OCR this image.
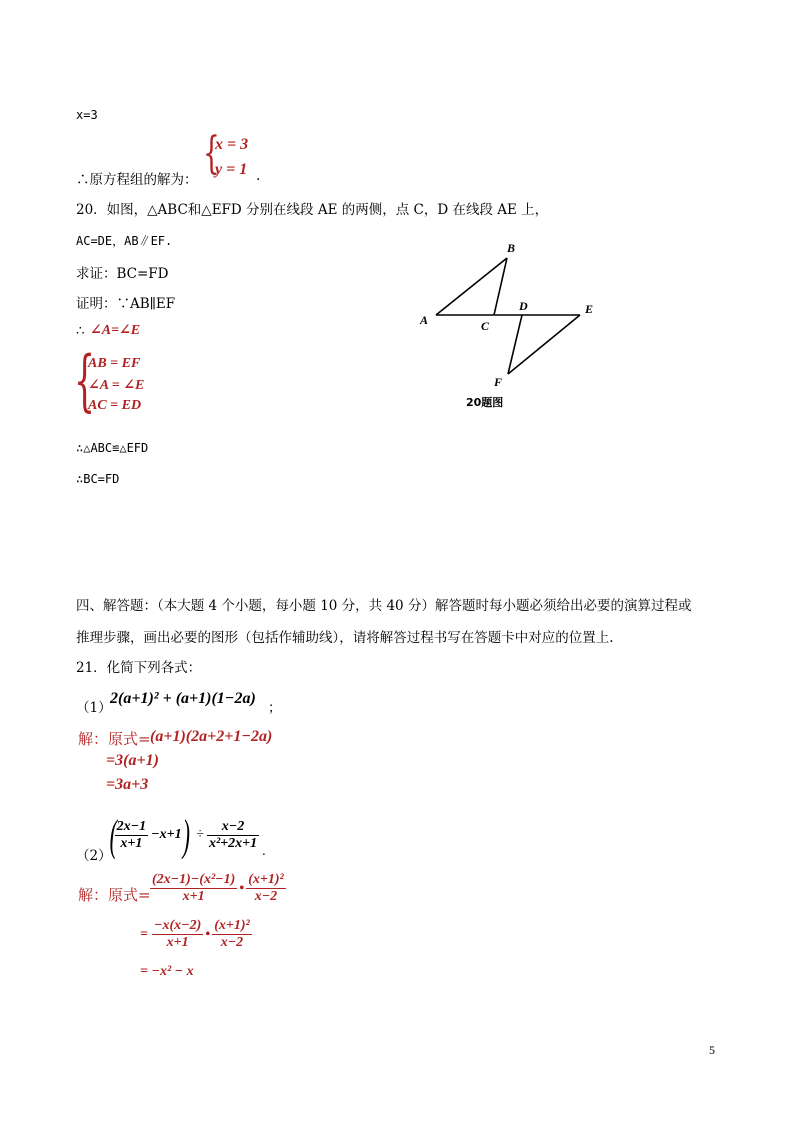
x=3
{
x = 3
y = 1
∴原方程组的解为：	.
20．如图，△ABC和△EFD 分别在线段 AE 的两侧，点 C，D 在线段 AE 上，
AC=DE，AB∥EF.
求证：BC=FD
证明：∵AB∥EF
∴ ∠A=∠E
{
AB = EF
∠A = ∠E
AC = ED
∴△ABC≌△EFD
∴BC=FD
B
A	C
D	E
F
20题图
四、解答题：（本大题 4 个小题，每小题 10 分，共 40 分）解答题时每小题必须给出必要的演算过程或
推理步骤，画出必要的图形（包括作辅助线），请将解答过程书写在答题卡中对应的位置上.
21．化简下列各式：
（1）
2(a+1)² + (a+1)(1−2a)
；
解：原式= (a+1)(2a+2+1−2a)
=3(a+1)
=3a+3
（2）
(
$\frac{2x-1}{x+1} -x+1$ ) ÷ $\frac{x-2}{\text{x²+2x+1}}$ .
解：原式= $\frac{\text{(2x−1)−(x²−1)}}{x+1}$ • $\frac{\text{(x+1)²}}{x-2}$
= $\frac{-x(x-2)}{x+1}$ • $\frac{\text{(x+1)²}}{x-2}$
= −x² − x
5
